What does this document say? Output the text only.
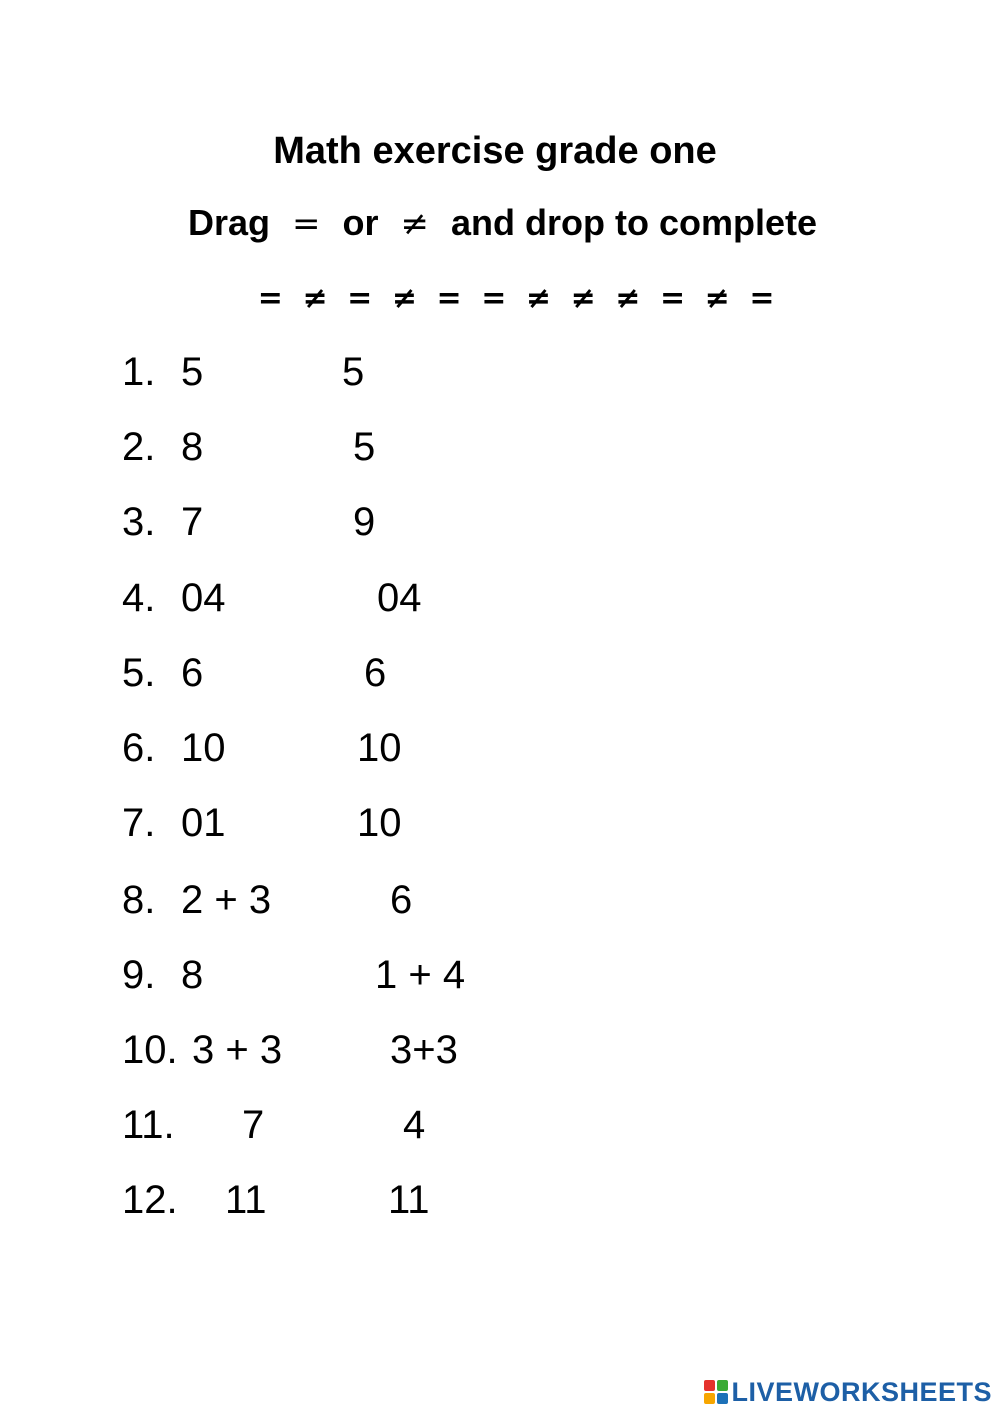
Math exercise grade one
Drag = or ≠ and drop to complete
= ≠ = ≠ = = ≠ ≠ ≠ = ≠ =
1. 5	5
2. 8	5
3. 7	9
4. 04	04
5. 6	6
6. 10	10
7. 01	10
8. 2 + 3	6
9. 8	1 + 4
10. 3 + 3	3+3
11. 7	4
12. 11	11
LIVEWORKSHEETS
